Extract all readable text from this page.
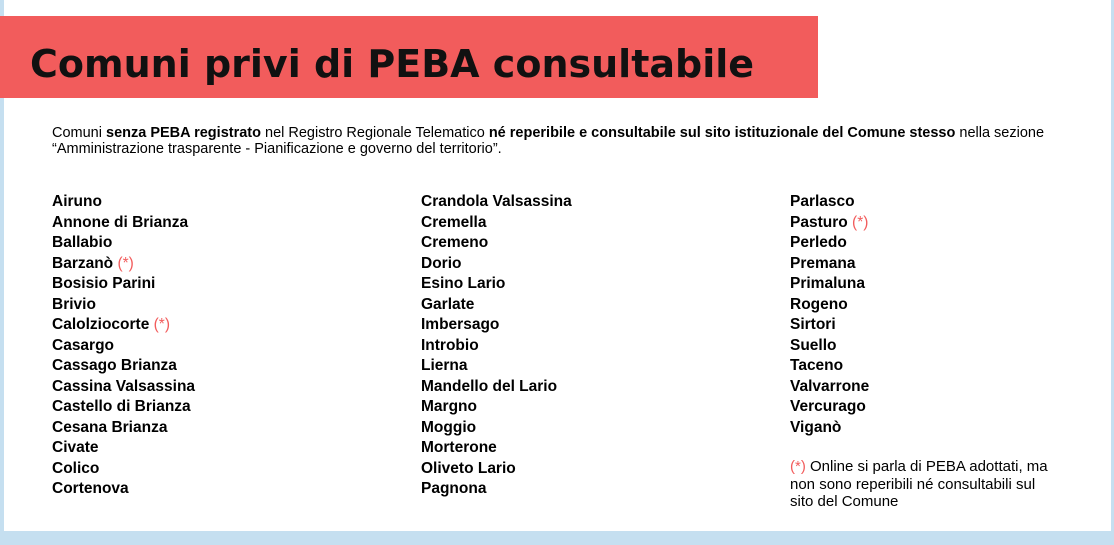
Comuni privi di PEBA consultabile

Comuni senza PEBA registrato nel Registro Regionale Telematico né reperibile e consultabile sul sito istituzionale del Comune stesso nella sezione “Amministrazione trasparente - Pianificazione e governo del territorio”.

Airuno
Annone di Brianza
Ballabio
Barzanò (*)
Bosisio Parini
Brivio
Calolziocorte (*)
Casargo
Cassago Brianza
Cassina Valsassina
Castello di Brianza
Cesana Brianza
Civate
Colico
Cortenova
Crandola Valsassina
Cremella
Cremeno
Dorio
Esino Lario
Garlate
Imbersago
Introbio
Lierna
Mandello del Lario
Margno
Moggio
Morterone
Oliveto Lario
Pagnona
Parlasco
Pasturo (*)
Perledo
Premana
Primaluna
Rogeno
Sirtori
Suello
Taceno
Valvarrone
Vercurago
Viganò

(*) Online si parla di PEBA adottati, ma non sono reperibili né consultabili sul sito del Comune
